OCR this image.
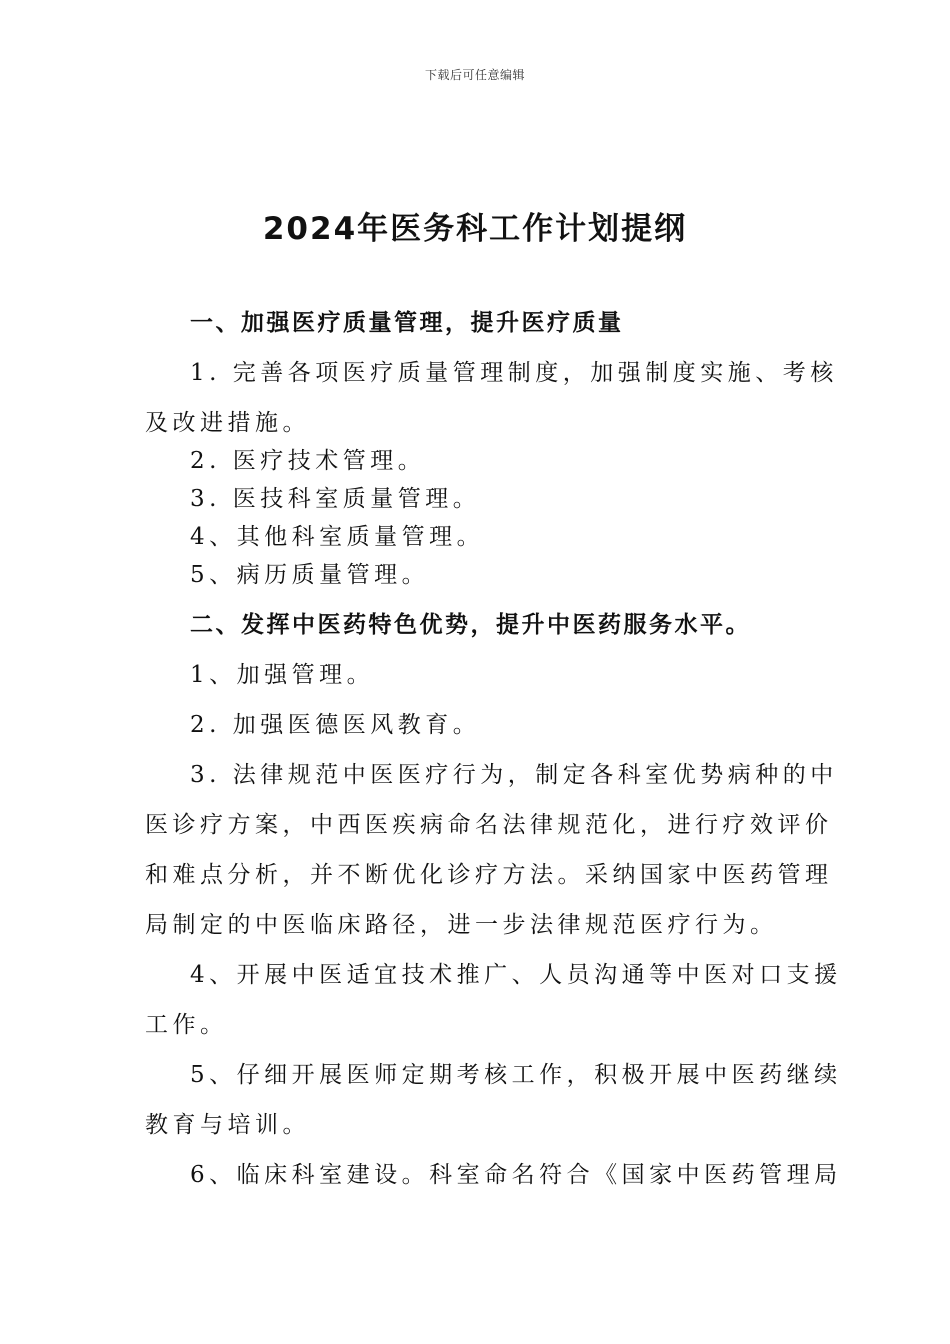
下载后可任意编辑
2024年医务科工作计划提纲
一、加强医疗质量管理，提升医疗质量
1. 完善各项医疗质量管理制度，加强制度实施、考核
及改进措施。
2. 医疗技术管理。
3. 医技科室质量管理。
4、其他科室质量管理。
5、病历质量管理。
二、发挥中医药特色优势，提升中医药服务水平。
1、加强管理。
2. 加强医德医风教育。
3. 法律规范中医医疗行为，制定各科室优势病种的中
医诊疗方案，中西医疾病命名法律规范化，进行疗效评价
和难点分析，并不断优化诊疗方法。采纳国家中医药管理
局制定的中医临床路径，进一步法律规范医疗行为。
4、开展中医适宜技术推广、人员沟通等中医对口支援
工作。
5、仔细开展医师定期考核工作，积极开展中医药继续
教育与培训。
6、临床科室建设。科室命名符合《国家中医药管理局
